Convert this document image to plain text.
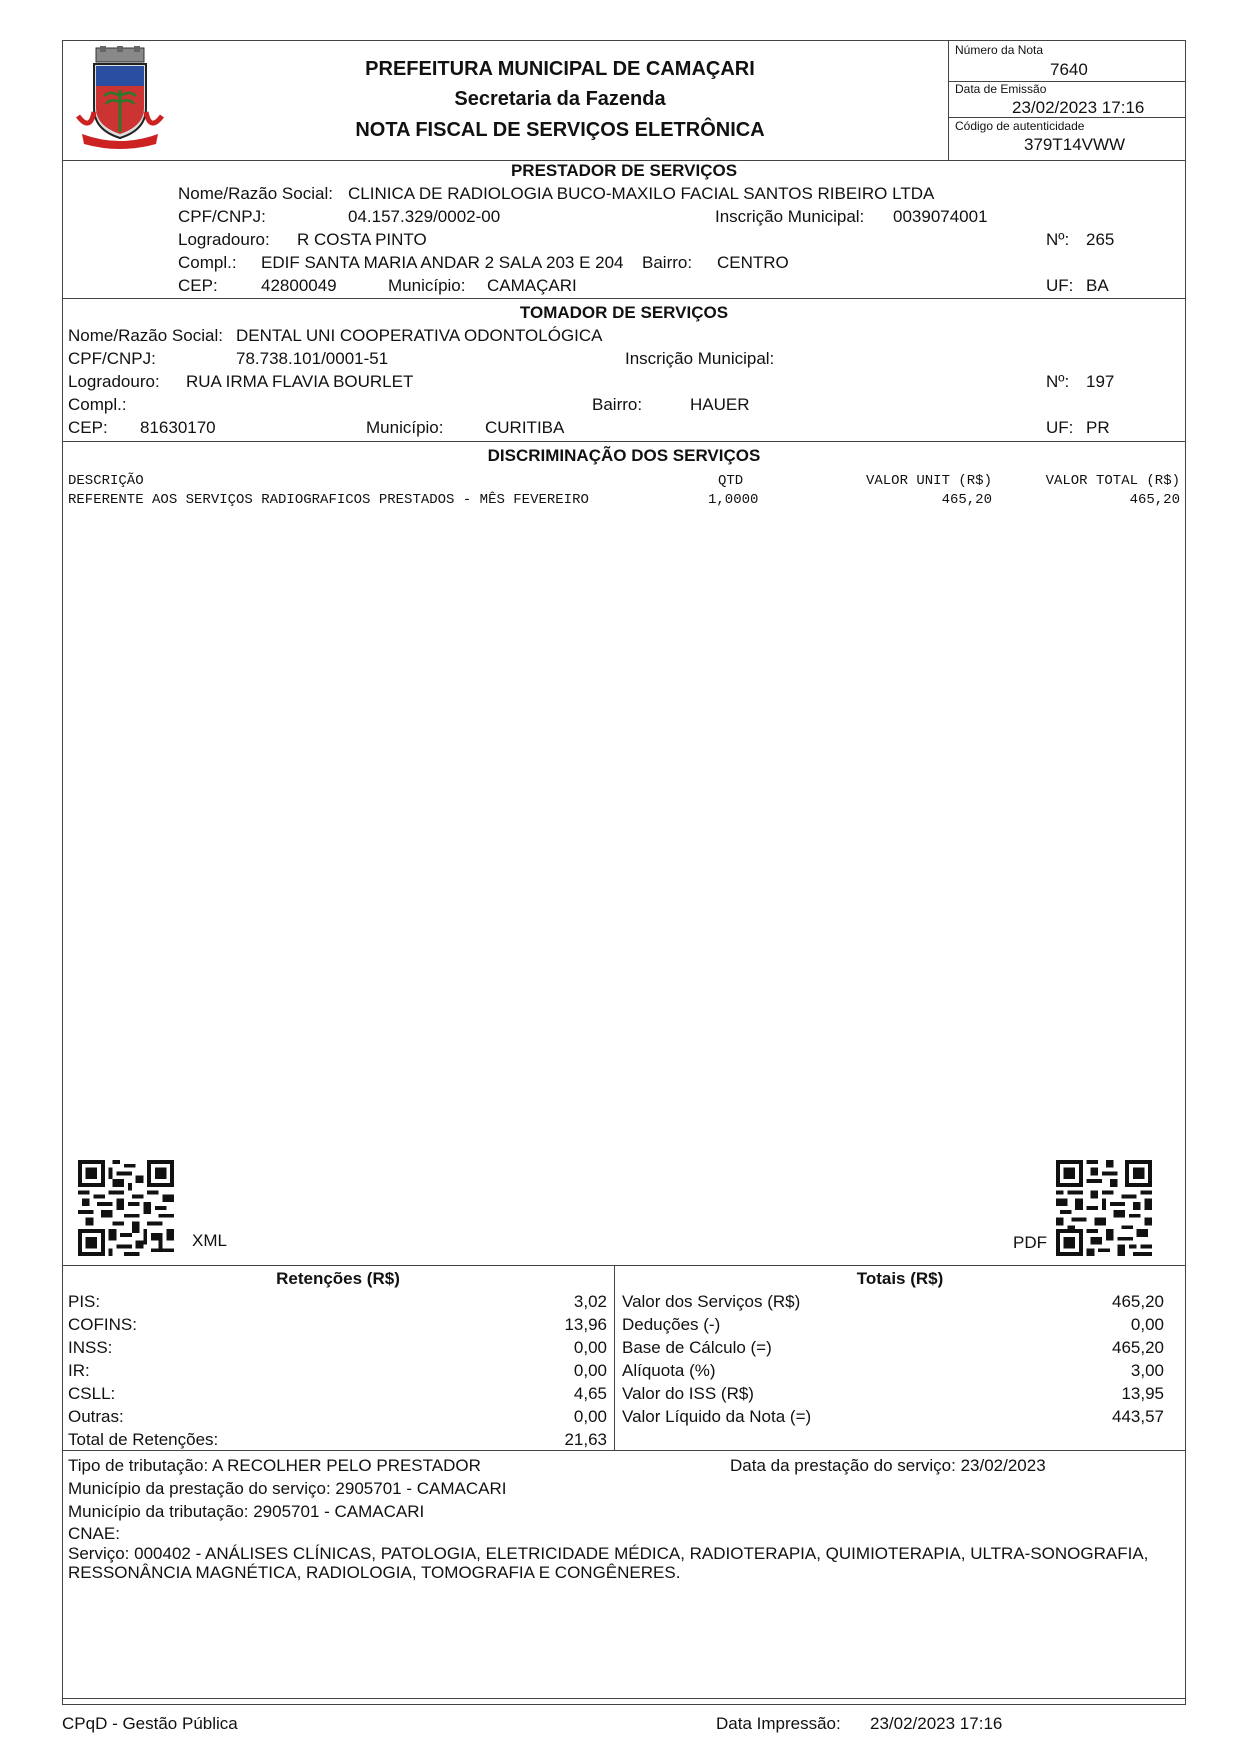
PREFEITURA MUNICIPAL DE CAMAÇARI
Secretaria da Fazenda
NOTA FISCAL DE SERVIÇOS ELETRÔNICA
Número da Nota
7640
Data de Emissão
23/02/2023 17:16
Código de autenticidade
379T14VWW
PRESTADOR DE SERVIÇOS
Nome/Razão Social: CLINICA DE RADIOLOGIA BUCO-MAXILO FACIAL SANTOS RIBEIRO LTDA
CPF/CNPJ:	04.157.329/0002-00	Inscrição Municipal: 0039074001
Logradouro: R COSTA PINTO	Nº: 265
Compl.: EDIF SANTA MARIA ANDAR 2 SALA 203 E 204 Bairro: CENTRO
CEP:	42800049	Município: CAMAÇARI	UF: BA
TOMADOR DE SERVIÇOS
Nome/Razão Social: DENTAL UNI COOPERATIVA ODONTOLÓGICA
CPF/CNPJ:	78.738.101/0001-51	Inscrição Municipal:
Logradouro: RUA IRMA FLAVIA BOURLET	Nº: 197
Compl.:	Bairro:	HAUER
CEP: 81630170	Município: CURITIBA	UF: PR
DISCRIMINAÇÃO DOS SERVIÇOS
DESCRIÇÃO	QTD	VALOR UNIT (R$)	VALOR TOTAL (R$)
REFERENTE AOS SERVIÇOS RADIOGRAFICOS PRESTADOS - MÊS FEVEREIRO	1,0000	465,20	465,20
XML	PDF
Retenções (R$)	Totais (R$)
PIS:	3,02
COFINS:	13,96
INSS:	0,00
IR:	0,00
CSLL:	4,65
Outras:	0,00
Total de Retenções:	21,63
Valor dos Serviços (R$)	465,20
Deduções (-)	0,00
Base de Cálculo (=)	465,20
Alíquota (%)	3,00
Valor do ISS (R$)	13,95
Valor Líquido da Nota (=)	443,57
Tipo de tributação: A RECOLHER PELO PRESTADOR	Data da prestação do serviço: 23/02/2023
Município da prestação do serviço: 2905701 - CAMACARI
Município da tributação: 2905701 - CAMACARI
CNAE:
Serviço: 000402 - ANÁLISES CLÍNICAS, PATOLOGIA, ELETRICIDADE MÉDICA, RADIOTERAPIA, QUIMIOTERAPIA, ULTRA-SONOGRAFIA,
RESSONÂNCIA MAGNÉTICA, RADIOLOGIA, TOMOGRAFIA E CONGÊNERES.
CPqD - Gestão Pública	Data Impressão: 23/02/2023 17:16
